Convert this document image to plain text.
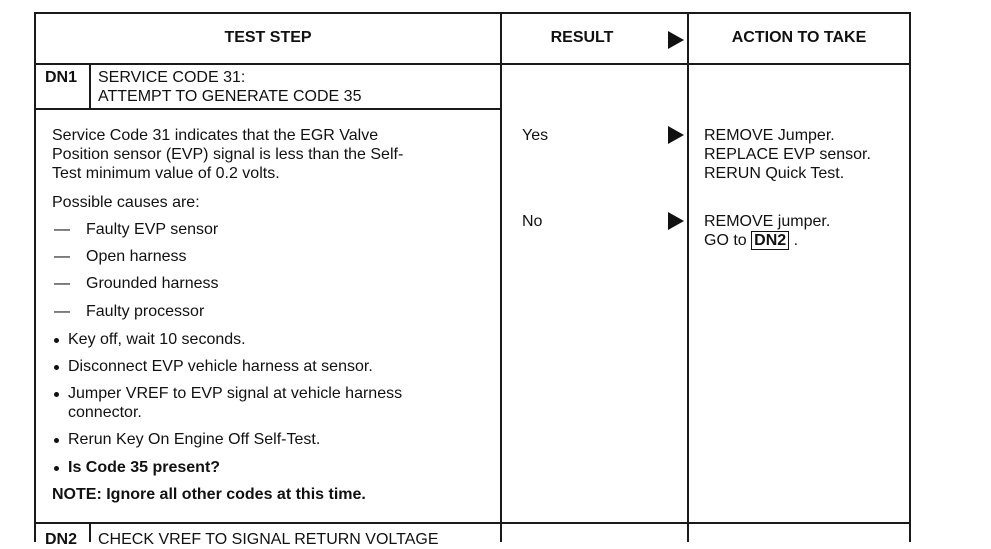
TEST STEP	RESULT	ACTION TO TAKE
DN1 SERVICE CODE 31:
ATTEMPT TO GENERATE CODE 35
Service Code 31 indicates that the EGR Valve
Position sensor (EVP) signal is less than the Self-
Test minimum value of 0.2 volts.
Possible causes are:
— Faulty EVP sensor
— Open harness
— Grounded harness
— Faulty processor
Key off, wait 10 seconds.
Disconnect EVP vehicle harness at sensor.
Jumper VREF to EVP signal at vehicle harness
connector.
Rerun Key On Engine Off Self-Test.
Is Code 35 present?
NOTE: Ignore all other codes at this time.
Yes	REMOVE Jumper.
REPLACE EVP sensor.
RERUN Quick Test.
No	REMOVE jumper.
GO to DN2 .
DN2 CHECK VREF TO SIGNAL RETURN VOLTAGE
